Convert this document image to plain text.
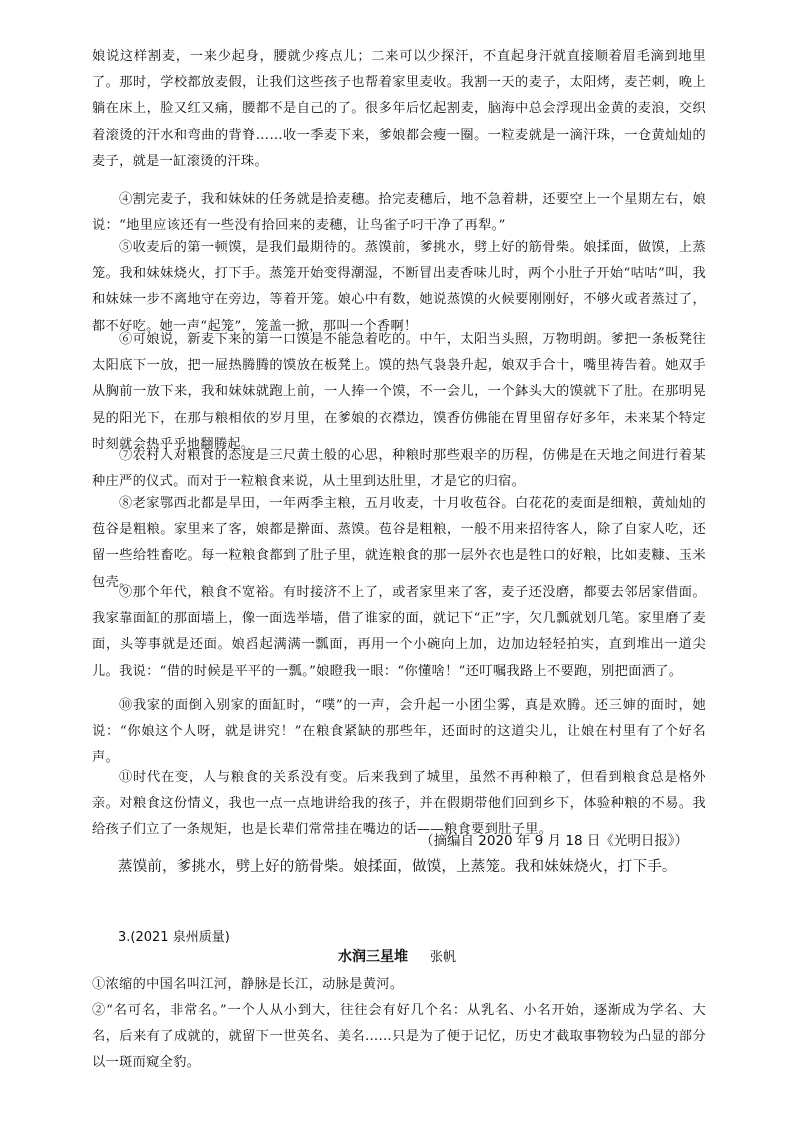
娘说这样割麦，一来少起身，腰就少疼点儿；二来可以少探汗，不直起身汗就直接顺着眉毛滴到地里了。那时，学校都放麦假，让我们这些孩子也帮着家里麦收。我割一天的麦子，太阳烤，麦芒刺，晚上躺在床上，脸又红又痛，腰都不是自己的了。很多年后忆起割麦，脑海中总会浮现出金黄的麦浪，交织着滚烫的汗水和弯曲的背脊……收一季麦下来，爹娘都会瘦一圈。一粒麦就是一滴汗珠，一仓黄灿灿的麦子，就是一缸滚烫的汗珠。

④割完麦子，我和妹妹的任务就是拾麦穗。拾完麦穗后，地不急着耕，还要空上一个星期左右，娘说：“地里应该还有一些没有拾回来的麦穗，让鸟雀子叼干净了再犁。”

⑤收麦后的第一顿馍，是我们最期待的。蒸馍前，爹挑水，劈上好的筋骨柴。娘揉面，做馍，上蒸笼。我和妹妹烧火，打下手。蒸笼开始变得潮湿，不断冒出麦香味儿时，两个小肚子开始“咕咕”叫，我和妹妹一步不离地守在旁边，等着开笼。娘心中有数，她说蒸馍的火候要刚刚好，不够火或者蒸过了，都不好吃。她一声“起笼”，笼盖一掀，那叫一个香啊！

⑥可娘说，新麦下来的第一口馍是不能急着吃的。中午，太阳当头照，万物明朗。爹把一条板凳往太阳底下一放，把一屉热腾腾的馍放在板凳上。馍的热气袅袅升起，娘双手合十，嘴里祷告着。她双手从胸前一放下来，我和妹妹就跑上前，一人捧一个馍，不一会儿，一个鉢头大的馍就下了肚。在那明晃晃的阳光下，在那与粮相依的岁月里，在爹娘的衣襟边，馍香仿佛能在胃里留存好多年，未来某个特定时刻就会热乎乎地翻腾起。

⑦农村人对粮食的态度是三尺黄土般的心思，种粮时那些艰辛的历程，仿佛是在天地之间进行着某种庄严的仪式。而对于一粒粮食来说，从土里到达肚里，才是它的归宿。

⑧老家鄂西北都是旱田，一年两季主粮，五月收麦，十月收苞谷。白花花的麦面是细粮，黄灿灿的苞谷是粗粮。家里来了客，娘都是擀面、蒸馍。苞谷是粗粮，一般不用来招待客人，除了自家人吃，还留一些给牲畜吃。每一粒粮食都到了肚子里，就连粮食的那一层外衣也是牲口的好粮，比如麦糠、玉米包壳。

⑨那个年代，粮食不宽裕。有时接济不上了，或者家里来了客，麦子还没磨，都要去邻居家借面。我家靠面缸的那面墙上，像一面选举墙，借了谁家的面，就记下“正”字，欠几瓢就划几笔。家里磨了麦面，头等事就是还面。娘舀起满满一瓢面，再用一个小碗向上加，边加边轻轻拍实，直到堆出一道尖儿。我说：“借的时候是平平的一瓢。”娘瞪我一眼：“你懂啥！”还叮嘱我路上不要跑，别把面洒了。

⑩我家的面倒入别家的面缸时，“噗”的一声，会升起一小团尘雾，真是欢腾。还三婶的面时，她说：“你娘这个人呀，就是讲究！”在粮食紧缺的那些年，还面时的这道尖儿，让娘在村里有了个好名声。

⑪时代在变，人与粮食的关系没有变。后来我到了城里，虽然不再种粮了，但看到粮食总是格外亲。对粮食这份情义，我也一点一点地讲给我的孩子，并在假期带他们回到乡下，体验种粮的不易。我给孩子们立了一条规矩，也是长辈们常常挂在嘴边的话——粮食要到肚子里。

（摘编自 2020 年 9 月 18 日《光明日报》）
蒸馍前，爹挑水，劈上好的筋骨柴。娘揉面，做馍，上蒸笼。我和妹妹烧火，打下手。
3.(2021 泉州质量)
水润三星堆 张帆

①浓缩的中国名叫江河，静脉是长江，动脉是黄河。

②“名可名，非常名。”一个人从小到大，往往会有好几个名：从乳名、小名开始，逐渐成为学名、大名，后来有了成就的，就留下一世英名、美名……只是为了便于记忆，历史才截取事物较为凸显的部分以一斑而窥全豹。
